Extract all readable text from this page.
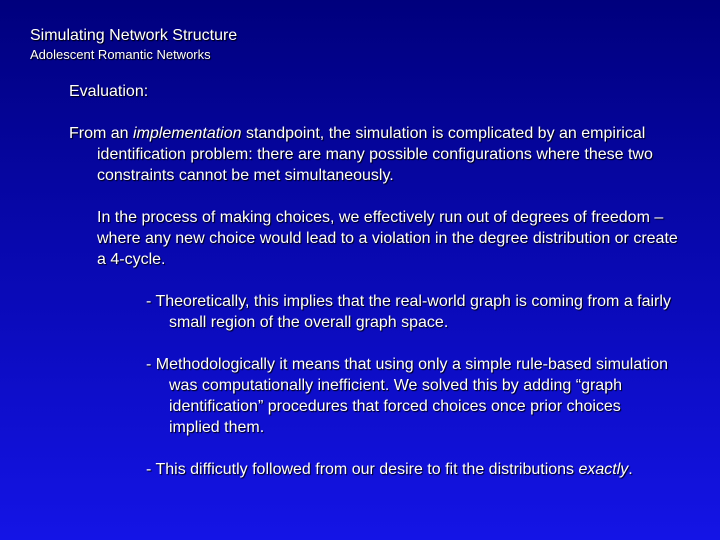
Simulating Network Structure
Adolescent Romantic Networks

Evaluation:

From an implementation standpoint, the simulation is complicated by an empirical identification problem: there are many possible configurations where these two constraints cannot be met simultaneously.

In the process of making choices, we effectively run out of degrees of freedom – where any new choice would lead to a violation in the degree distribution or create a 4-cycle.

- Theoretically, this implies that the real-world graph is coming from a fairly small region of the overall graph space.

- Methodologically it means that using only a simple rule-based simulation was computationally inefficient. We solved this by adding “graph identification” procedures that forced choices once prior choices implied them.

- This difficutly followed from our desire to fit the distributions exactly.
